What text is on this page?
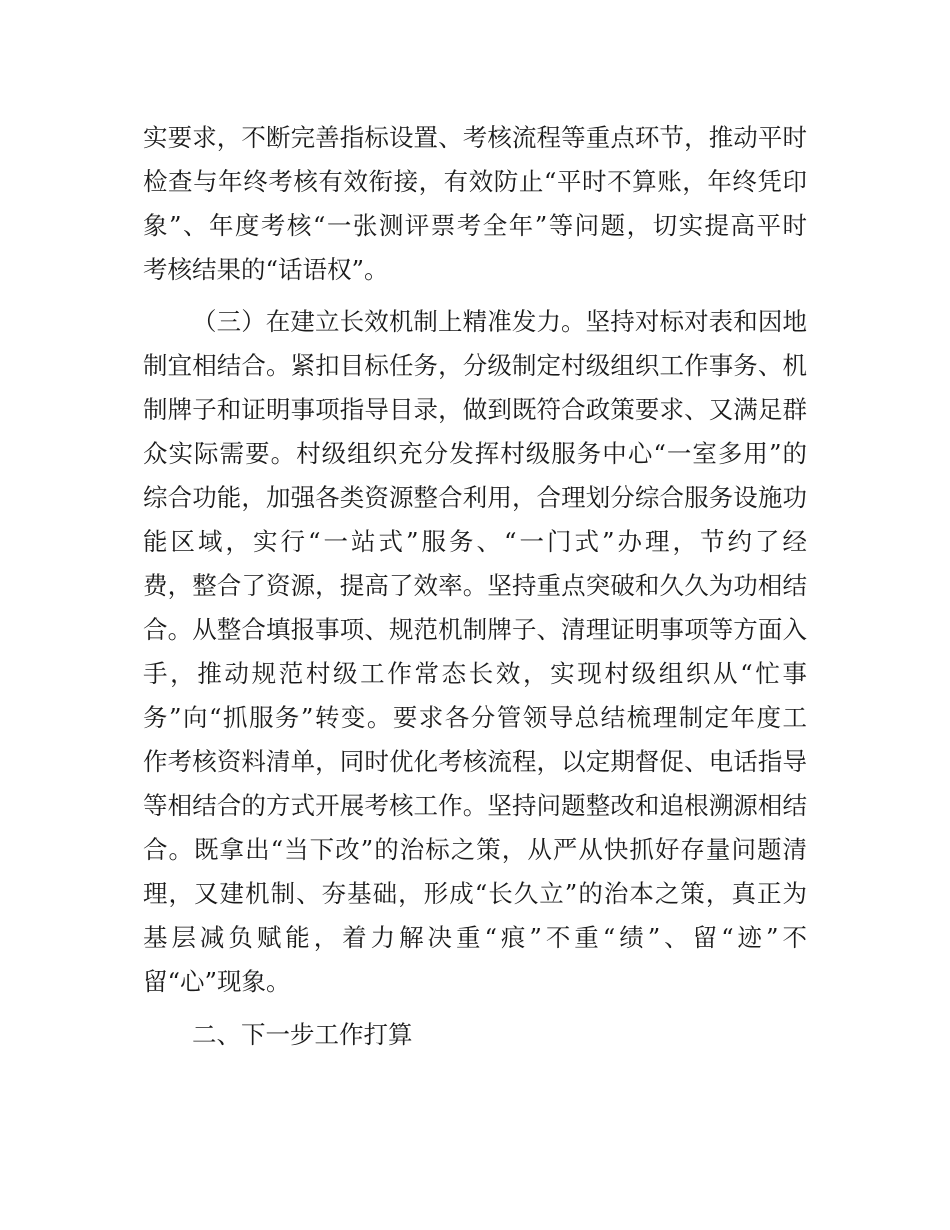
实要求，不断完善指标设置、考核流程等重点环节，推动平时
检查与年终考核有效衔接，有效防止“平时不算账，年终凭印
象”、年度考核“一张测评票考全年”等问题，切实提高平时
考核结果的“话语权”。
（三）在建立长效机制上精准发力。坚持对标对表和因地
制宜相结合。紧扣目标任务，分级制定村级组织工作事务、机
制牌子和证明事项指导目录，做到既符合政策要求、又满足群
众实际需要。村级组织充分发挥村级服务中心“一室多用”的
综合功能，加强各类资源整合利用，合理划分综合服务设施功
能区域，实行“一站式”服务、“一门式”办理，节约了经
费，整合了资源，提高了效率。坚持重点突破和久久为功相结
合。从整合填报事项、规范机制牌子、清理证明事项等方面入
手，推动规范村级工作常态长效，实现村级组织从“忙事
务”向“抓服务”转变。要求各分管领导总结梳理制定年度工
作考核资料清单，同时优化考核流程，以定期督促、电话指导
等相结合的方式开展考核工作。坚持问题整改和追根溯源相结
合。既拿出“当下改”的治标之策，从严从快抓好存量问题清
理，又建机制、夯基础，形成“长久立”的治本之策，真正为
基层减负赋能，着力解决重“痕”不重“绩”、留“迹”不
留“心”现象。
二、下一步工作打算
